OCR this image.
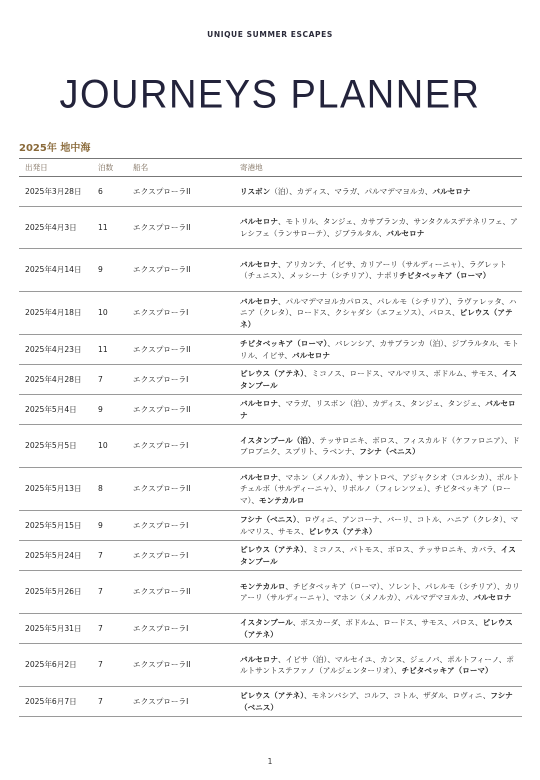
UNIQUE SUMMER ESCAPES
JOURNEYS PLANNER
2025年 地中海
出発日	泊数	船名	寄港地
2025年3月28日	6	エクスプローラII	リスボン（泊）、カディス、マラガ、パルマデマヨルカ、バルセロナ
2025年4月3日	11	エクスプローラII	バルセロナ、モトリル、タンジェ、カサブランカ、サンタクルスデテネリフェ、アレシフェ（ランサローテ）、ジブラルタル、バルセロナ
2025年4月14日	9	エクスプローラII	バルセロナ、アリカンテ、イビサ、カリアーリ（サルディーニャ）、ラグレット（チュニス）、メッシーナ（シチリア）、ナポリチビタベッキア（ローマ）
2025年4月18日	10	エクスプローラI	バルセロナ、パルマデマヨルカパロス、パレルモ（シチリア）、ラヴァレッタ、ハニア（クレタ）、ロードス、クシャダシ（エフェソス）、パロス、ピレウス（アテネ）
2025年4月23日	11	エクスプローラII	チビタベッキア（ローマ）、バレンシア、カサブランカ（泊）、ジブラルタル、モトリル、イビサ、バルセロナ
2025年4月28日	7	エクスプローラI	ピレウス（アテネ）、ミコノス、ロードス、マルマリス、ボドルム、サモス、イスタンブール
2025年5月4日	9	エクスプローラII	バルセロナ、マラガ、リスボン（泊）、カディス、タンジェ、タンジェ、バルセロナ
2025年5月5日	10	エクスプローラI	イスタンブール（泊）、テッサロニキ、ボロス、フィスカルド（ケファロニア）、ドブロブニク、スプリト、ラベンナ、フシナ（ベニス）
2025年5月13日	8	エクスプローラII	バルセロナ、マホン（メノルカ）、サントロペ、アジャクシオ（コルシカ）、ポルトチェルボ（サルディーニャ）、リボルノ（フィレンツェ）、チビタベッキア（ローマ）、モンテカルロ
2025年5月15日	9	エクスプローラI	フシナ（ベニス）、ロヴィニ、アンコーナ、バーリ、コトル、ハニア（クレタ）、マルマリス、サモス、ピレウス（アテネ）
2025年5月24日	7	エクスプローラI	ピレウス（アテネ）、ミコノス、パトモス、ボロス、テッサロニキ、カバラ、イスタンブール
2025年5月26日	7	エクスプローラII	モンテカルロ、チビタベッキア（ローマ）、ソレント、パレルモ（シチリア）、カリアーリ（サルディーニャ）、マホン（メノルカ）、パルマデマヨルカ、バルセロナ
2025年5月31日	7	エクスプローラI	イスタンブール、ボスカーダ、ボドルム、ロードス、サモス、パロス、ピレウス（アテネ）
2025年6月2日	7	エクスプローラII	バルセロナ、イビサ（泊）、マルセイユ、カンヌ、ジェノバ、ポルトフィーノ、ポルトサントステファノ（アルジェンターリオ）、チビタベッキア（ローマ）
2025年6月7日	7	エクスプローラI	ピレウス（アテネ）、モネンバシア、コルフ、コトル、ザダル、ロヴィニ、フシナ（ベニス）
1
